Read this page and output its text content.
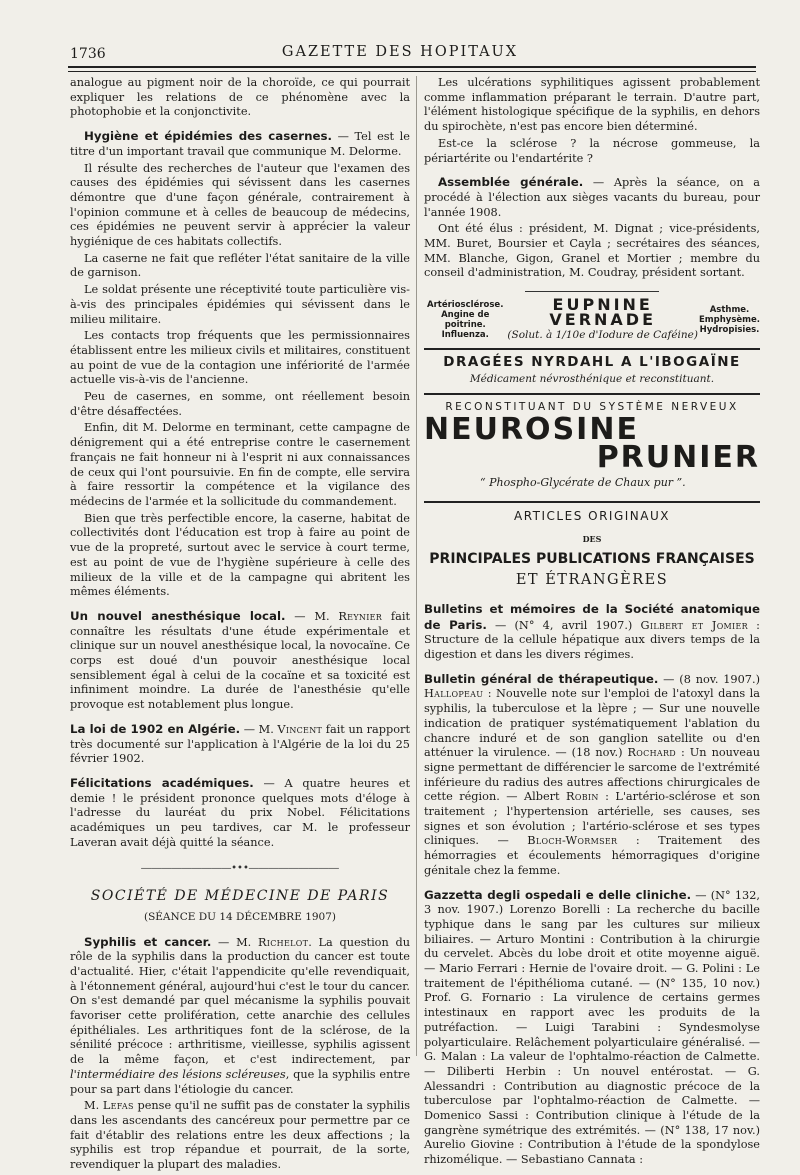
1736	GAZETTE DES HOPITAUX

analogue au pigment noir de la choroïde, ce qui pourrait expliquer les relations de ce phénomène avec la photophobie et la conjonctivite.

Hygiène et épidémies des casernes. — Tel est le titre d'un important travail que communique M. Delorme.

Il résulte des recherches de l'auteur que l'examen des causes des épidémies qui sévissent dans les casernes démontre que d'une façon générale, contrairement à l'opinion commune et à celles de beaucoup de médecins, ces épidémies ne peuvent servir à apprécier la valeur hygiénique de ces habitats collectifs.

La caserne ne fait que refléter l'état sanitaire de la ville de garnison.

Le soldat présente une réceptivité toute particulière vis-à-vis des principales épidémies qui sévissent dans le milieu militaire.

Les contacts trop fréquents que les permissionnaires établissent entre les milieux civils et militaires, constituent au point de vue de la contagion une infériorité de l'armée actuelle vis-à-vis de l'ancienne.

Peu de casernes, en somme, ont réellement besoin d'être désaffectées.

Enfin, dit M. Delorme en terminant, cette campagne de dénigrement qui a été entreprise contre le casernement français ne fait honneur ni à l'esprit ni aux connaissances de ceux qui l'ont poursuivie. En fin de compte, elle servira à faire ressortir la compétence et la vigilance des médecins de l'armée et la sollicitude du commandement.

Bien que très perfectible encore, la caserne, habitat de collectivités dont l'éducation est trop à faire au point de vue de la propreté, surtout avec le service à court terme, est au point de vue de l'hygiène supérieure à celle des milieux de la ville et de la campagne qui abritent les mêmes éléments.

Un nouvel anesthésique local. — M. Reynier fait connaître les résultats d'une étude expérimentale et clinique sur un nouvel anesthésique local, la novocaïne. Ce corps est doué d'un pouvoir anesthésique local sensiblement égal à celui de la cocaïne et sa toxicité est infiniment moindre. La durée de l'anesthésie qu'elle provoque est notablement plus longue.

La loi de 1902 en Algérie. — M. Vincent fait un rapport très documenté sur l'application à l'Algérie de la loi du 25 février 1902.

Félicitations académiques. — A quatre heures et demie ! le président prononce quelques mots d'éloge à l'adresse du lauréat du prix Nobel. Félicitations académiques un peu tardives, car M. le professeur Laveran avait déjà quitté la séance.

―――――――――•••―――――――――
SOCIÉTÉ DE MÉDECINE DE PARIS
(SÉANCE DU 14 DÉCEMBRE 1907)

Syphilis et cancer. — M. Richelot. La question du rôle de la syphilis dans la production du cancer est toute d'actualité. Hier, c'était l'appendicite qu'elle revendiquait, à l'étonnement général, aujourd'hui c'est le tour du cancer. On s'est demandé par quel mécanisme la syphilis pouvait favoriser cette prolifération, cette anarchie des cellules épithéliales. Les arthritiques font de la sclérose, de la sénilité précoce : arthritisme, vieillesse, syphilis agissent de la même façon, et c'est indirectement, par l'intermédiaire des lésions scléreuses, que la syphilis entre pour sa part dans l'étiologie du cancer.

M. Lefas pense qu'il ne suffit pas de constater la syphilis dans les ascendants des cancéreux pour permettre par ce fait d'établir des relations entre les deux affections ; la syphilis est trop répandue et pourrait, de la sorte, revendiquer la plupart des maladies.

Les ulcérations syphilitiques agissent probablement comme inflammation préparant le terrain. D'autre part, l'élément histologique spécifique de la syphilis, en dehors du spirochète, n'est pas encore bien déterminé.

Est-ce la sclérose ? la nécrose gommeuse, la périartérite ou l'endartérite ?

Assemblée générale. — Après la séance, on a procédé à l'élection aux sièges vacants du bureau, pour l'année 1908.

Ont été élus : président, M. Dignat ; vice-présidents, MM. Buret, Boursier et Cayla ; secrétaires des séances, MM. Blanche, Gigon, Granel et Mortier ; membre du conseil d'administration, M. Coudray, président sortant.

Artériosclérose.
Angine de poitrine.
Influenza.
EUPNINE VERNADE
(Solut. à 1/10e d'Iodure de Caféine)
Asthme.
Emphysème.
Hydropisies.
DRAGÉES NYRDAHL A L'IBOGAÏNE
Médicament névrosthénique et reconstituant.
RECONSTITUANT DU SYSTÈME NERVEUX
NEUROSINE
PRUNIER
“ Phospho-Glycérate de Chaux pur ”.
ARTICLES ORIGINAUX
DES
PRINCIPALES PUBLICATIONS FRANÇAISES
ET ÉTRANGÈRES

Bulletins et mémoires de la Société anatomique de Paris. — (N° 4, avril 1907.) Gilbert et Jomier : Structure de la cellule hépatique aux divers temps de la digestion et dans les divers régimes.

Bulletin général de thérapeutique. — (8 nov. 1907.) Hallopeau : Nouvelle note sur l'emploi de l'atoxyl dans la syphilis, la tuberculose et la lèpre ; — Sur une nouvelle indication de pratiquer systématiquement l'ablation du chancre induré et de son ganglion satellite ou d'en atténuer la virulence. — (18 nov.) Rochard : Un nouveau signe permettant de différencier le sarcome de l'extrémité inférieure du radius des autres affections chirurgicales de cette région. — Albert Robin : L'artério-sclérose et son traitement ; l'hypertension artérielle, ses causes, ses signes et son évolution ; l'artério-sclérose et ses types cliniques. — Bloch-Wormser : Traitement des hémorragies et écoulements hémorragiques d'origine génitale chez la femme.

Gazzetta degli ospedali e delle cliniche. — (N° 132, 3 nov. 1907.) Lorenzo Borelli : La recherche du bacille typhique dans le sang par les cultures sur milieux biliaires. — Arturo Montini : Contribution à la chirurgie du cervelet. Abcès du lobe droit et otite moyenne aiguë. — Mario Ferrari : Hernie de l'ovaire droit. — G. Polini : Le traitement de l'épithélioma cutané. — (N° 135, 10 nov.) Prof. G. Fornario : La virulence de certains germes intestinaux en rapport avec les produits de la putréfaction. — Luigi Tarabini : Syndesmolyse polyarticulaire. Relâchement polyarticulaire généralisé. — G. Malan : La valeur de l'ophtalmo-réaction de Calmette. — Diliberti Herbin : Un nouvel entérostat. — G. Alessandri : Contribution au diagnostic précoce de la tuberculose par l'ophtalmo-réaction de Calmette. — Domenico Sassi : Contribution clinique à l'étude de la gangrène symétrique des extrémités. — (N° 138, 17 nov.) Aurelio Giovine : Contribution à l'étude de la spondylose rhizomélique. — Sebastiano Cannata :
